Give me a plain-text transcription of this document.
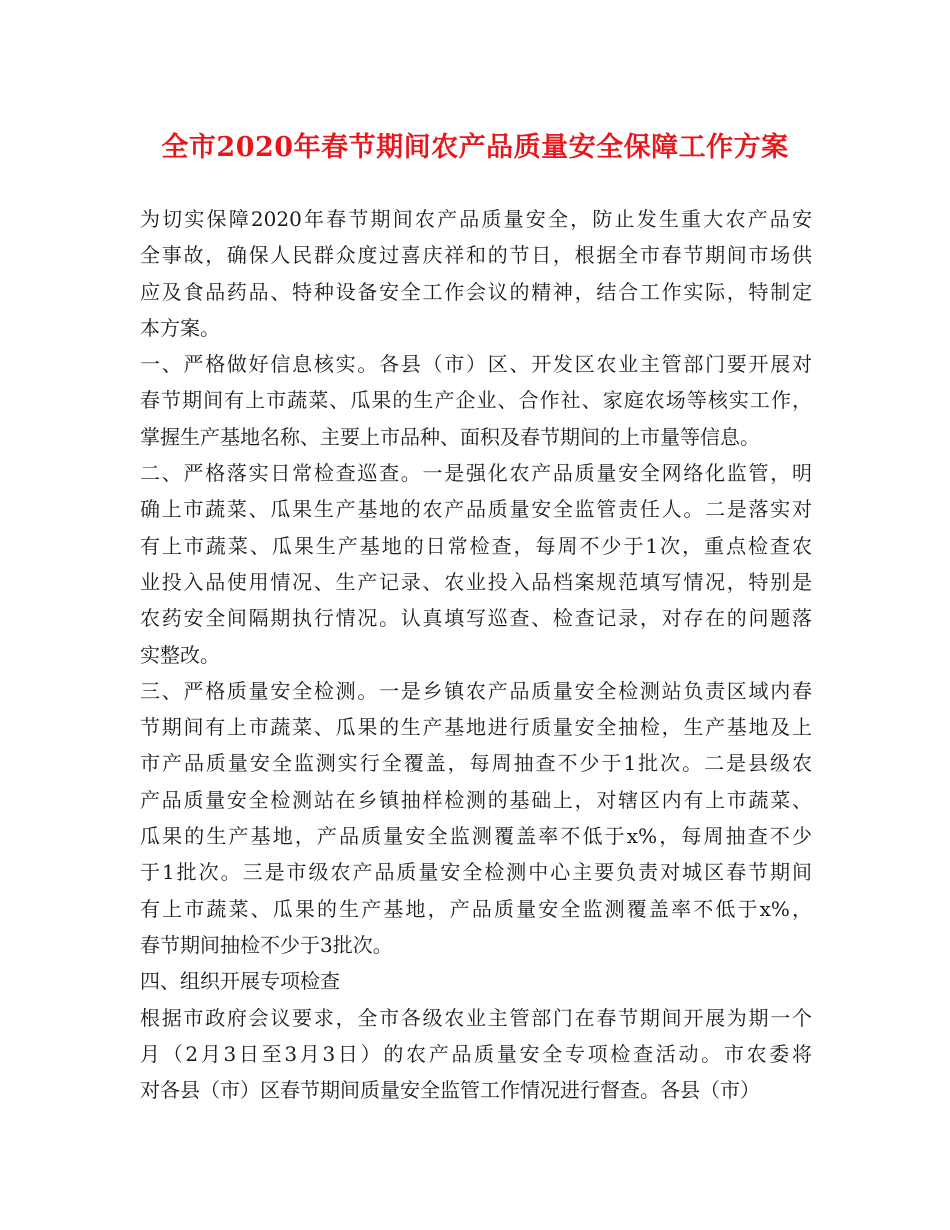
全市2020年春节期间农产品质量安全保障工作方案
为切实保障2020年春节期间农产品质量安全，防止发生重大农产品安
全事故，确保人民群众度过喜庆祥和的节日，根据全市春节期间市场供
应及食品药品、特种设备安全工作会议的精神，结合工作实际，特制定
本方案。
一、严格做好信息核实。各县（市）区、开发区农业主管部门要开展对
春节期间有上市蔬菜、瓜果的生产企业、合作社、家庭农场等核实工作，
掌握生产基地名称、主要上市品种、面积及春节期间的上市量等信息。
二、严格落实日常检查巡查。一是强化农产品质量安全网络化监管，明
确上市蔬菜、瓜果生产基地的农产品质量安全监管责任人。二是落实对
有上市蔬菜、瓜果生产基地的日常检查，每周不少于1次，重点检查农
业投入品使用情况、生产记录、农业投入品档案规范填写情况，特别是
农药安全间隔期执行情况。认真填写巡查、检查记录，对存在的问题落
实整改。
三、严格质量安全检测。一是乡镇农产品质量安全检测站负责区域内春
节期间有上市蔬菜、瓜果的生产基地进行质量安全抽检，生产基地及上
市产品质量安全监测实行全覆盖，每周抽查不少于1批次。二是县级农
产品质量安全检测站在乡镇抽样检测的基础上，对辖区内有上市蔬菜、
瓜果的生产基地，产品质量安全监测覆盖率不低于x%，每周抽查不少
于1批次。三是市级农产品质量安全检测中心主要负责对城区春节期间
有上市蔬菜、瓜果的生产基地，产品质量安全监测覆盖率不低于x%，
春节期间抽检不少于3批次。
四、组织开展专项检查
根据市政府会议要求，全市各级农业主管部门在春节期间开展为期一个
月（2月3日至3月3日）的农产品质量安全专项检查活动。市农委将
对各县（市）区春节期间质量安全监管工作情况进行督查。各县（市）
